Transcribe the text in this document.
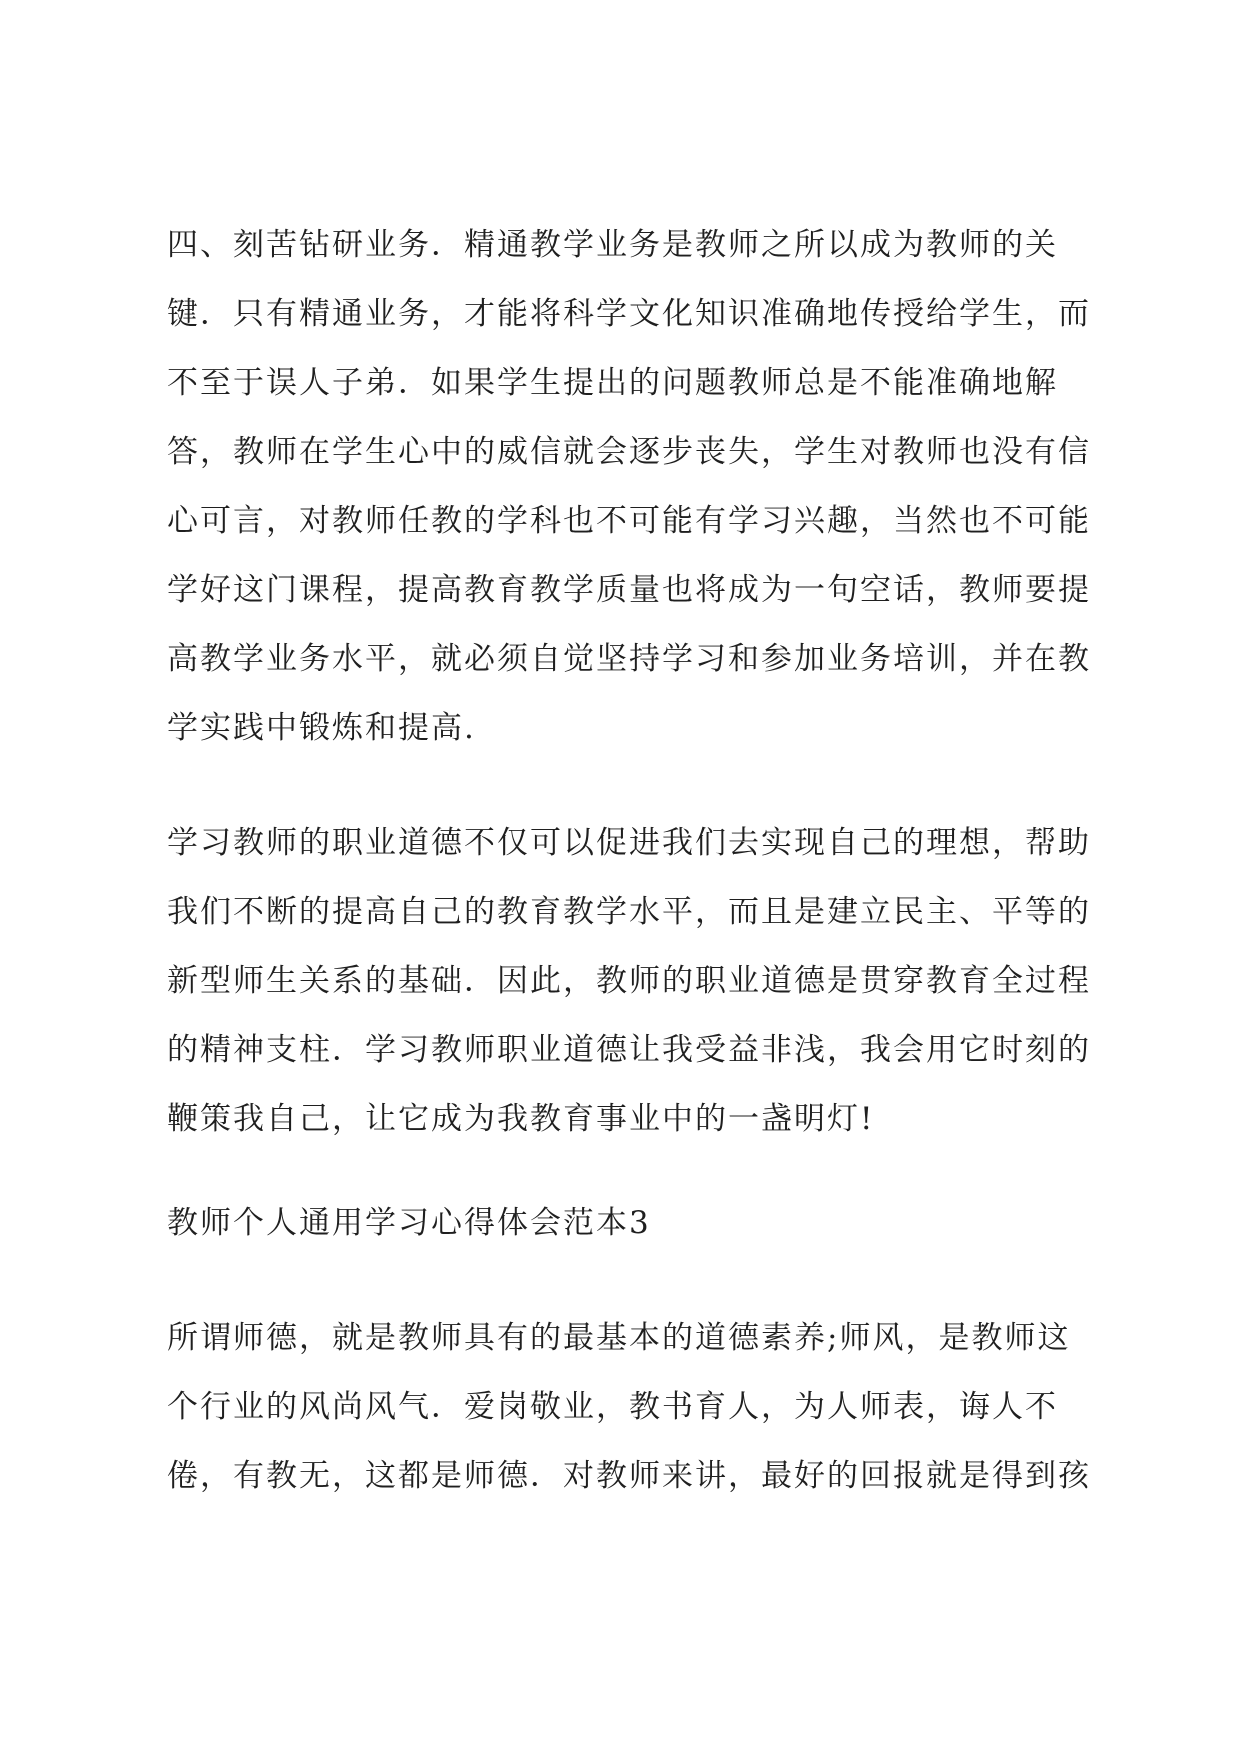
四、刻苦钻研业务．精通教学业务是教师之所以成为教师的关
键．只有精通业务，才能将科学文化知识准确地传授给学生，而
不至于误人子弟．如果学生提出的问题教师总是不能准确地解
答，教师在学生心中的威信就会逐步丧失，学生对教师也没有信
心可言，对教师任教的学科也不可能有学习兴趣，当然也不可能
学好这门课程，提高教育教学质量也将成为一句空话，教师要提
高教学业务水平，就必须自觉坚持学习和参加业务培训，并在教
学实践中锻炼和提高.
学习教师的职业道德不仅可以促进我们去实现自己的理想，帮助
我们不断的提高自己的教育教学水平，而且是建立民主、平等的
新型师生关系的基础．因此，教师的职业道德是贯穿教育全过程
的精神支柱．学习教师职业道德让我受益非浅，我会用它时刻的
鞭策我自己，让它成为我教育事业中的一盏明灯!
教师个人通用学习心得体会范本3
所谓师德，就是教师具有的最基本的道德素养;师风，是教师这
个行业的风尚风气．爱岗敬业，教书育人，为人师表，诲人不
倦，有教无，这都是师德．对教师来讲，最好的回报就是得到孩
